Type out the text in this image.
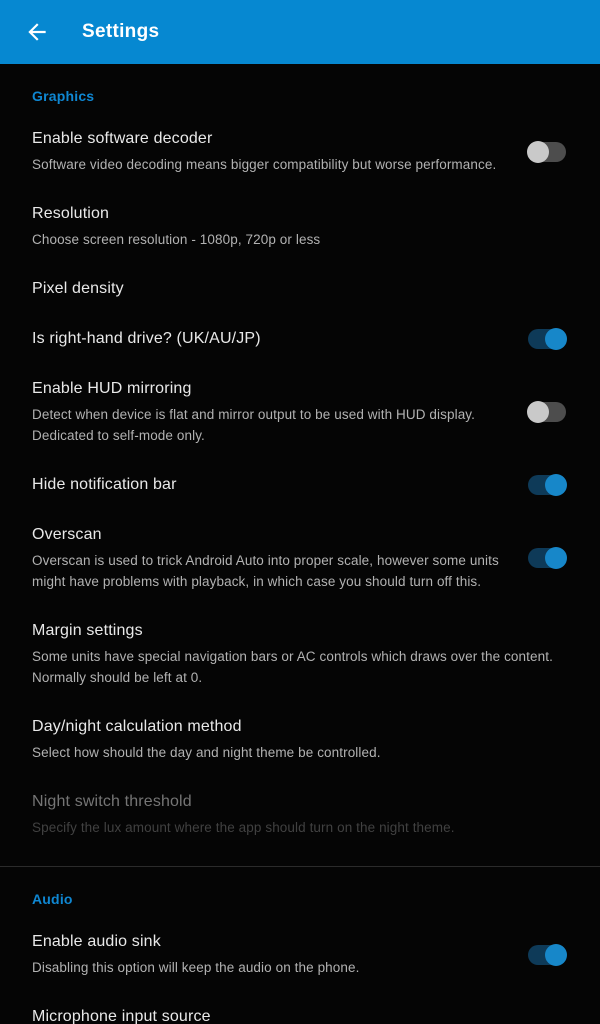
Settings
Graphics
Enable software decoder
Software video decoding means bigger compatibility but worse performance.
Resolution
Choose screen resolution - 1080p, 720p or less
Pixel density
Is right-hand drive? (UK/AU/JP)
Enable HUD mirroring
Detect when device is flat and mirror output to be used with HUD display. Dedicated to self-mode only.
Hide notification bar
Overscan
Overscan is used to trick Android Auto into proper scale, however some units might have problems with playback, in which case you should turn off this.
Margin settings
Some units have special navigation bars or AC controls which draws over the content. Normally should be left at 0.
Day/night calculation method
Select how should the day and night theme be controlled.
Night switch threshold
Specify the lux amount where the app should turn on the night theme.
Audio
Enable audio sink
Disabling this option will keep the audio on the phone.
Microphone input source
